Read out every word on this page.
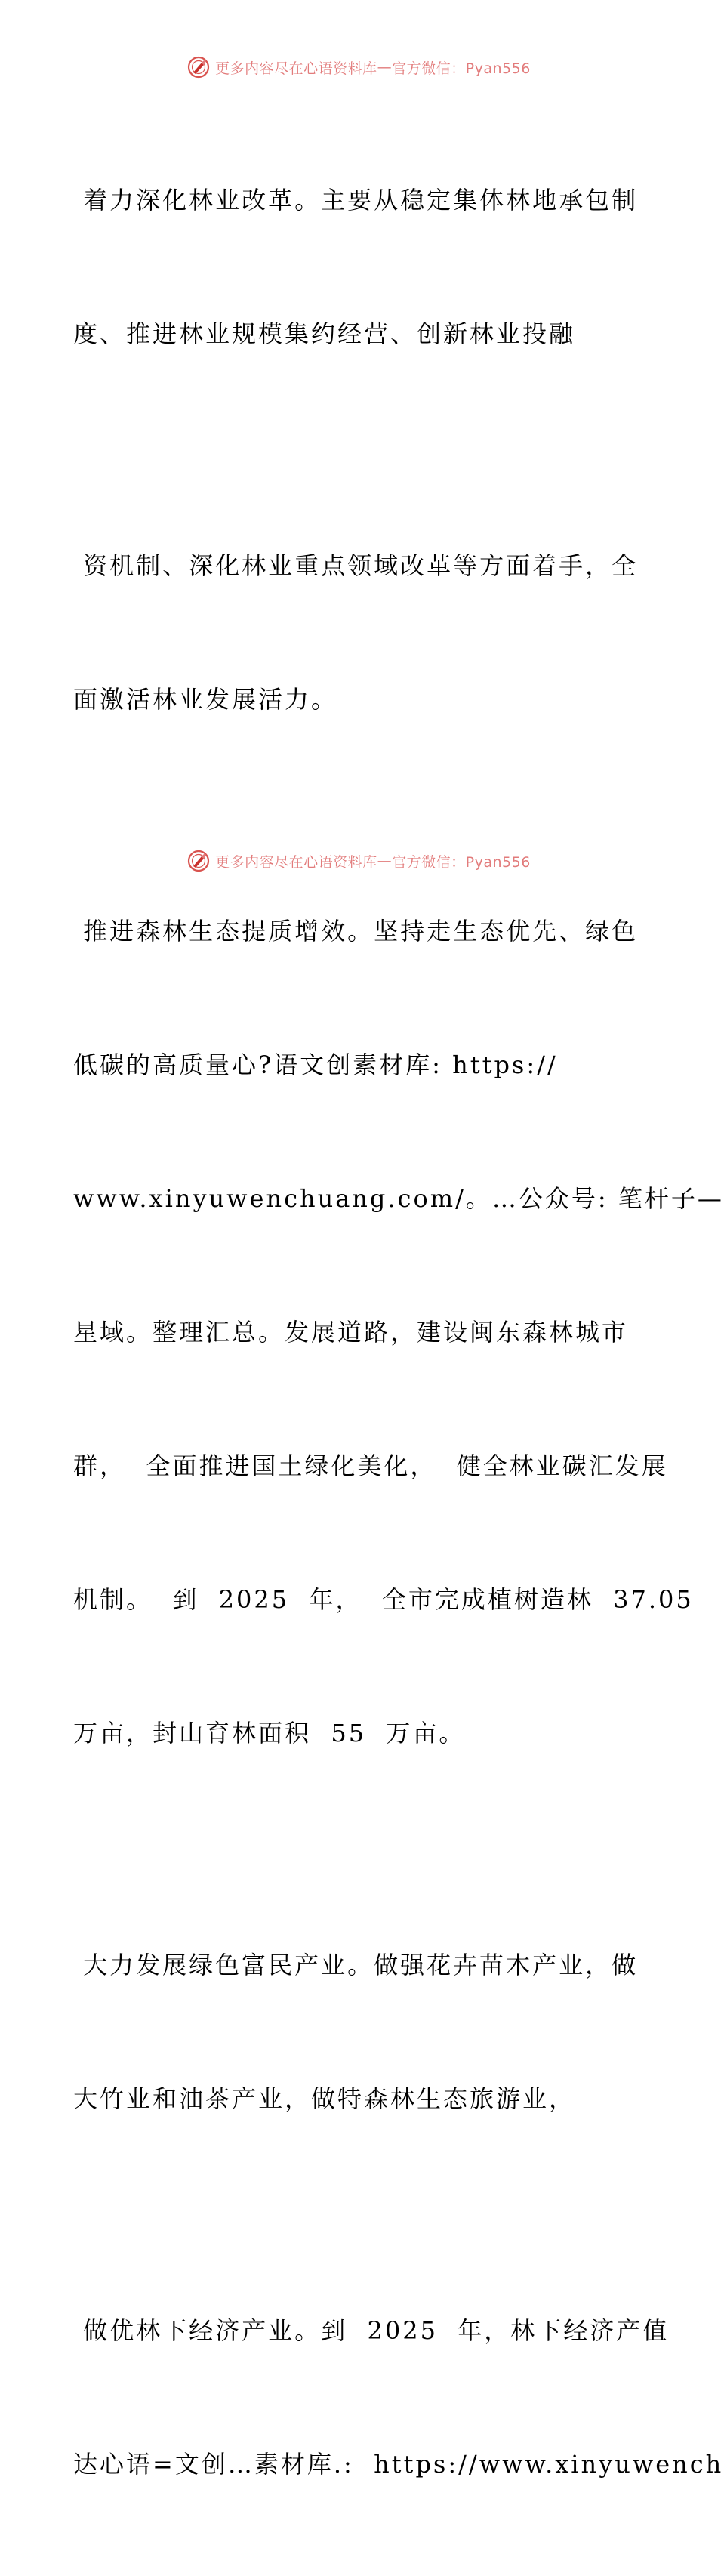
更多内容尽在心语资料库 — 官方微信：Pyan556

着力深化林业改革。主要从稳定集体林地承包制

度、推进林业规模集约经营、创新林业投融

资机制、深化林业重点领域改革等方面着手，全

面激活林业发展活力。

推进森林生态提质增效。坚持走生态优先、绿色

低碳的高质量心?语文创素材库: https://

www.xinyuwenchuang.com/。…公众号: 笔杆子—

星域。整理汇总。发展道路，建设闽东森林城市

群，  全面推进国土绿化美化，  健全林业碳汇发展

机制。  到  2025  年，  全市完成植树造林  37.05

万亩，封山育林面积  55  万亩。

大力发展绿色富民产业。做强花卉苗木产业，做

大竹业和油茶产业，做特森林生态旅游业，

做优林下经济产业。到  2025  年，林下经济产值

达心语=文创…素材库.:  https://www.xinyuwench

更多内容尽在心语资料库 — 官方微信：Pyan556
